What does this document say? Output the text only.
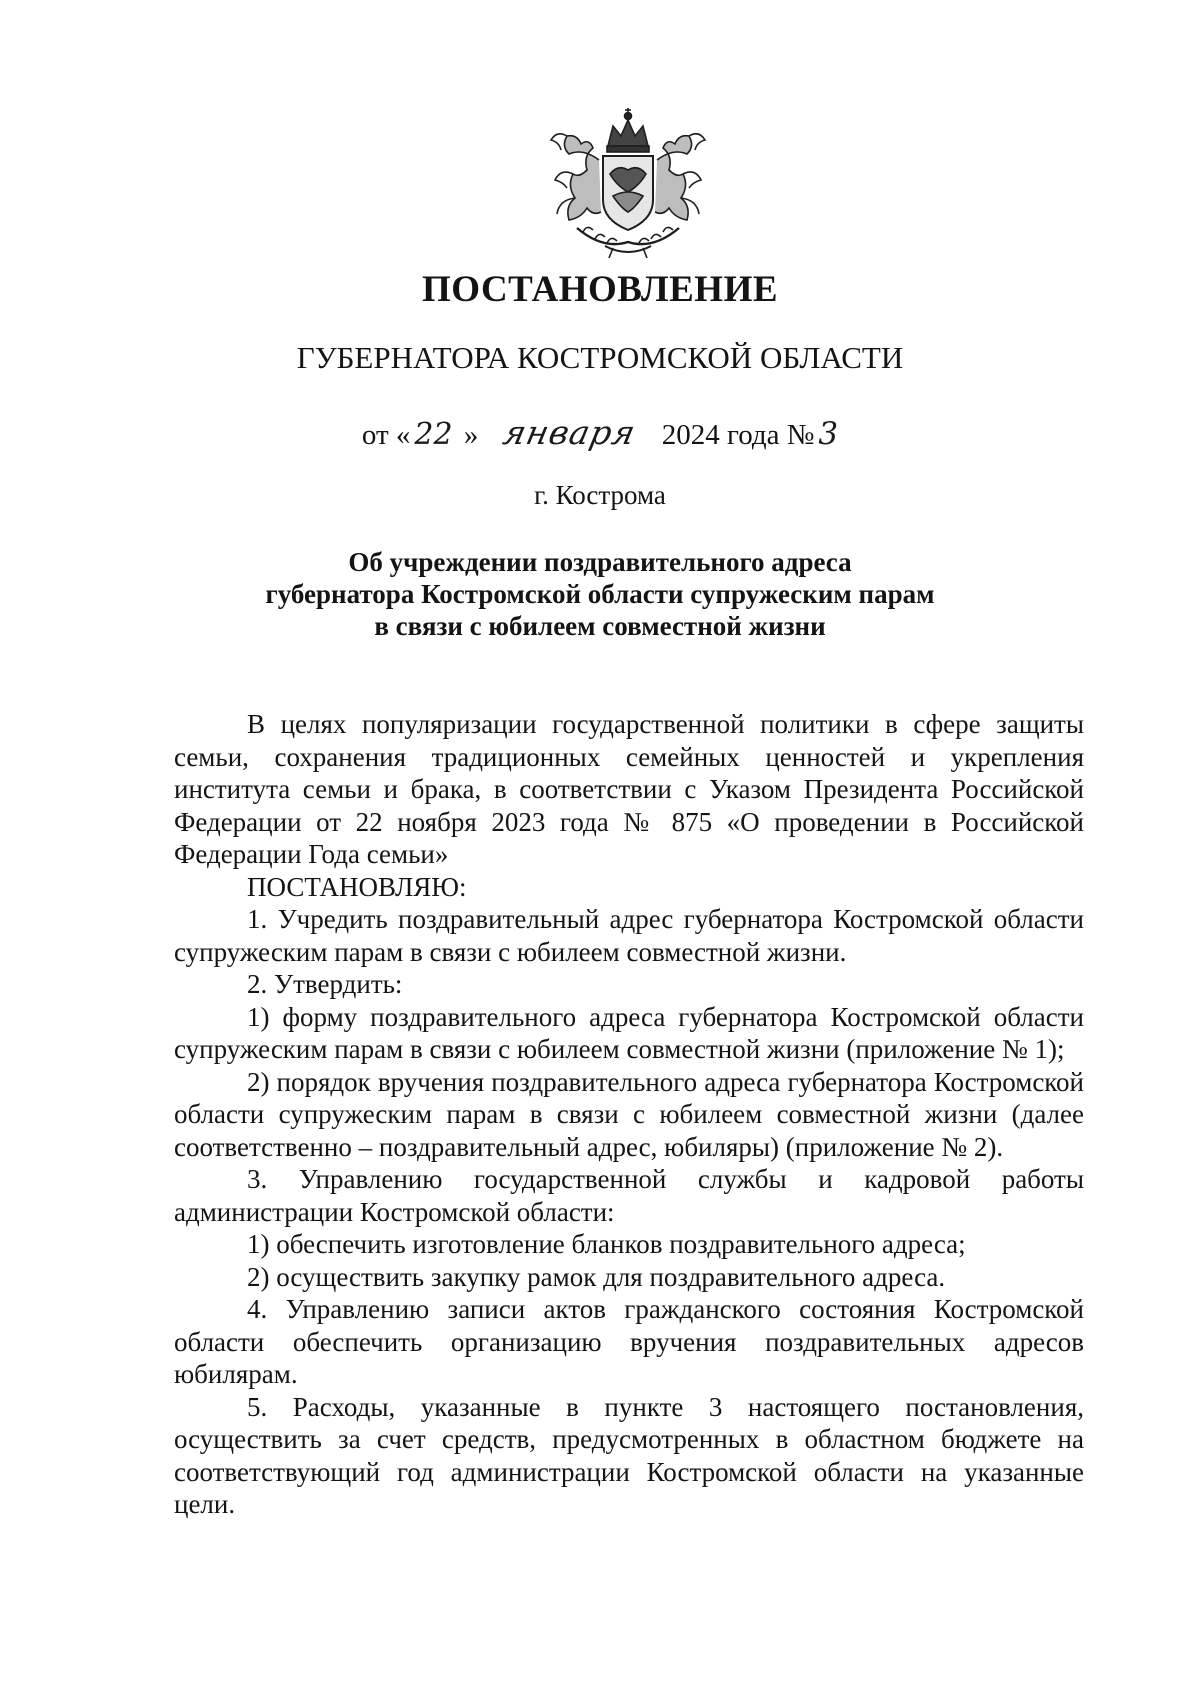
ПОСТАНОВЛЕНИЕ
ГУБЕРНАТОРА КОСТРОМСКОЙ ОБЛАСТИ
от « 22 » января 2024 года № 3
г. Кострома
Об учреждении поздравительного адреса
губернатора Костромской области супружеским парам
в связи с юбилеем совместной жизни

В целях популяризации государственной политики в сфере защиты семьи, сохранения традиционных семейных ценностей и укрепления института семьи и брака, в соответствии с Указом Президента Российской Федерации от 22 ноября 2023 года № 875 «О проведении в Российской Федерации Года семьи»

ПОСТАНОВЛЯЮ:

1. Учредить поздравительный адрес губернатора Костромской области супружеским парам в связи с юбилеем совместной жизни.

2. Утвердить:

1) форму поздравительного адреса губернатора Костромской области супружеским парам в связи с юбилеем совместной жизни (приложение № 1);

2) порядок вручения поздравительного адреса губернатора Костромской области супружеским парам в связи с юбилеем совместной жизни (далее соответственно – поздравительный адрес, юбиляры) (приложение № 2).

3. Управлению государственной службы и кадровой работы администрации Костромской области:

1) обеспечить изготовление бланков поздравительного адреса;

2) осуществить закупку рамок для поздравительного адреса.

4. Управлению записи актов гражданского состояния Костромской области обеспечить организацию вручения поздравительных адресов юбилярам.

5. Расходы, указанные в пункте 3 настоящего постановления, осуществить за счет средств, предусмотренных в областном бюджете на соответствующий год администрации Костромской области на указанные цели.
